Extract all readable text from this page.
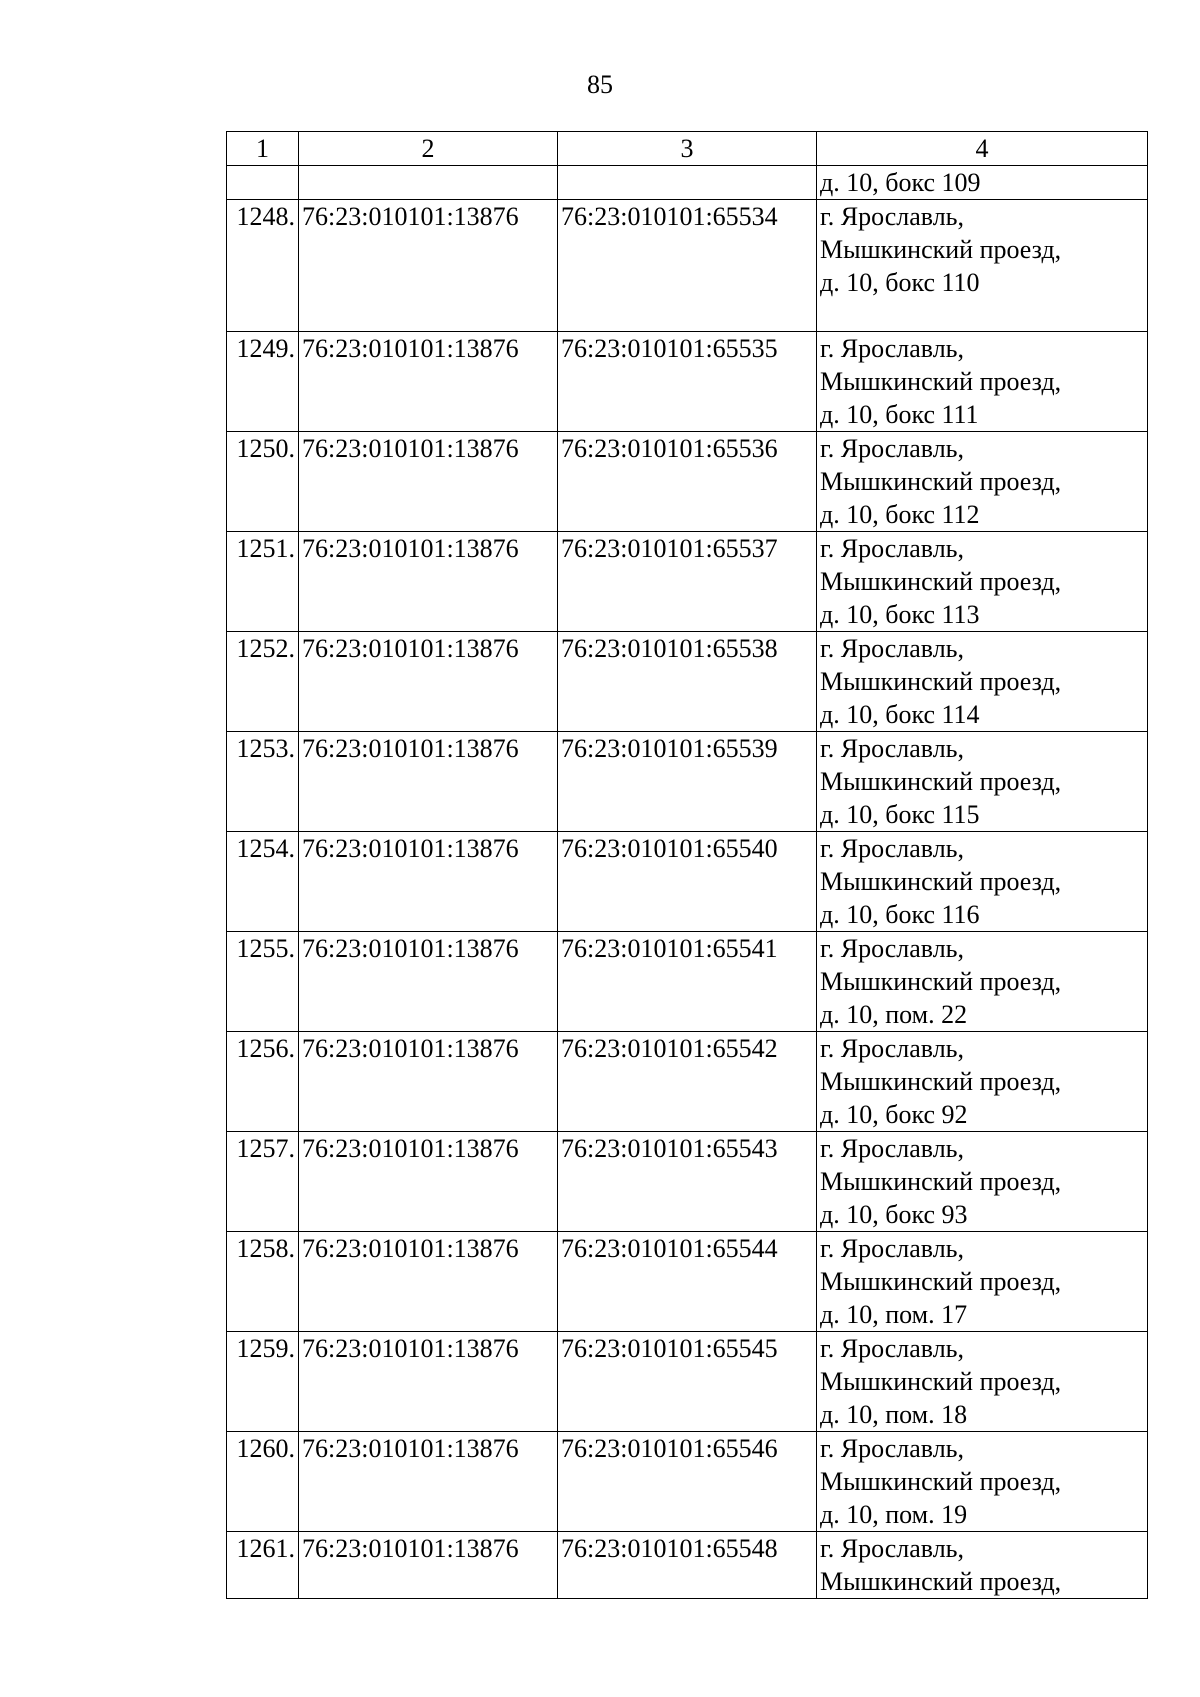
85
1	2	3	4

			д. 10, бокс 109

1248.	76:23:010101:13876	76:23:010101:65534	г. Ярославль,
Мышкинский проезд,
д. 10, бокс 110

1249.	76:23:010101:13876	76:23:010101:65535	г. Ярославль,
Мышкинский проезд,
д. 10, бокс 111

1250.	76:23:010101:13876	76:23:010101:65536	г. Ярославль,
Мышкинский проезд,
д. 10, бокс 112

1251.	76:23:010101:13876	76:23:010101:65537	г. Ярославль,
Мышкинский проезд,
д. 10, бокс 113

1252.	76:23:010101:13876	76:23:010101:65538	г. Ярославль,
Мышкинский проезд,
д. 10, бокс 114

1253.	76:23:010101:13876	76:23:010101:65539	г. Ярославль,
Мышкинский проезд,
д. 10, бокс 115

1254.	76:23:010101:13876	76:23:010101:65540	г. Ярославль,
Мышкинский проезд,
д. 10, бокс 116

1255.	76:23:010101:13876	76:23:010101:65541	г. Ярославль,
Мышкинский проезд,
д. 10, пом. 22

1256.	76:23:010101:13876	76:23:010101:65542	г. Ярославль,
Мышкинский проезд,
д. 10, бокс 92

1257.	76:23:010101:13876	76:23:010101:65543	г. Ярославль,
Мышкинский проезд,
д. 10, бокс 93

1258.	76:23:010101:13876	76:23:010101:65544	г. Ярославль,
Мышкинский проезд,
д. 10, пом. 17

1259.	76:23:010101:13876	76:23:010101:65545	г. Ярославль,
Мышкинский проезд,
д. 10, пом. 18

1260.	76:23:010101:13876	76:23:010101:65546	г. Ярославль,
Мышкинский проезд,
д. 10, пом. 19

1261.	76:23:010101:13876	76:23:010101:65548	г. Ярославль,
Мышкинский проезд,
